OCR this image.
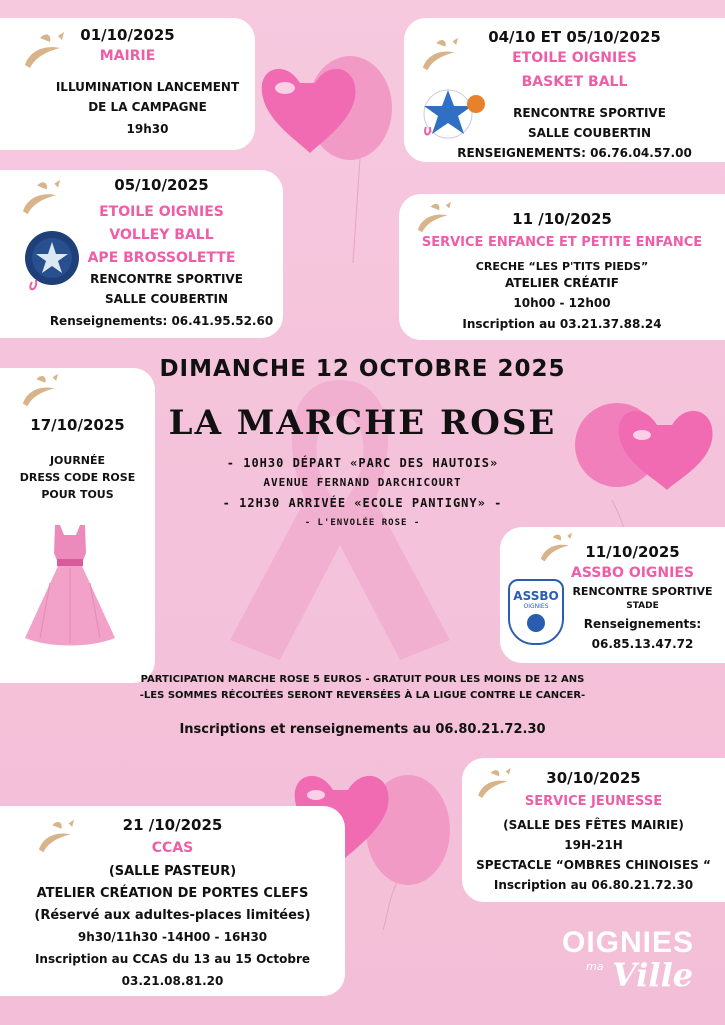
01/10/2025
MAIRIE
ILLUMINATION LANCEMENT
DE LA CAMPAGNE
19h30
04/10 ET 05/10/2025
ETOILE OIGNIES
BASKET BALL
RENCONTRE SPORTIVE
SALLE COUBERTIN
RENSEIGNEMENTS: 06.76.04.57.00
05/10/2025
ETOILE OIGNIES
VOLLEY BALL
APE BROSSOLETTE
RENCONTRE SPORTIVE
SALLE COUBERTIN
Renseignements: 06.41.95.52.60
11 /10/2025
SERVICE ENFANCE ET PETITE ENFANCE
CRECHE “LES P'TITS PIEDS”
ATELIER CRÉATIF
10h00 - 12h00
Inscription au 03.21.37.88.24
DIMANCHE 12 OCTOBRE 2025
LA MARCHE ROSE
- 10H30 DÉPART «PARC DES HAUTOIS»
AVENUE FERNAND DARCHICOURT
- 12H30 ARRIVÉE «ECOLE PANTIGNY» -
- L'ENVOLÉE ROSE -
17/10/2025
JOURNÉE
DRESS CODE ROSE
POUR TOUS
11/10/2025
ASSBO OIGNIES
ASSBO
OIGNIES
RENCONTRE SPORTIVE
STADE
Renseignements:
06.85.13.47.72
PARTICIPATION MARCHE ROSE 5 EUROS - GRATUIT POUR LES MOINS DE 12 ANS
-LES SOMMES RÉCOLTÉES SERONT REVERSÉES À LA LIGUE CONTRE LE CANCER-
Inscriptions et renseignements au 06.80.21.72.30
30/10/2025
SERVICE JEUNESSE
(SALLE DES FÊTES MAIRIE)
19H-21H
SPECTACLE “OMBRES CHINOISES “
Inscription au 06.80.21.72.30
21 /10/2025
CCAS
(SALLE PASTEUR)
ATELIER CRÉATION DE PORTES CLEFS
(Réservé aux adultes-places limitées)
9h30/11h30 -14H00 - 16H30
Inscription au CCAS du 13 au 15 Octobre
03.21.08.81.20
OIGNIES
ma Ville
